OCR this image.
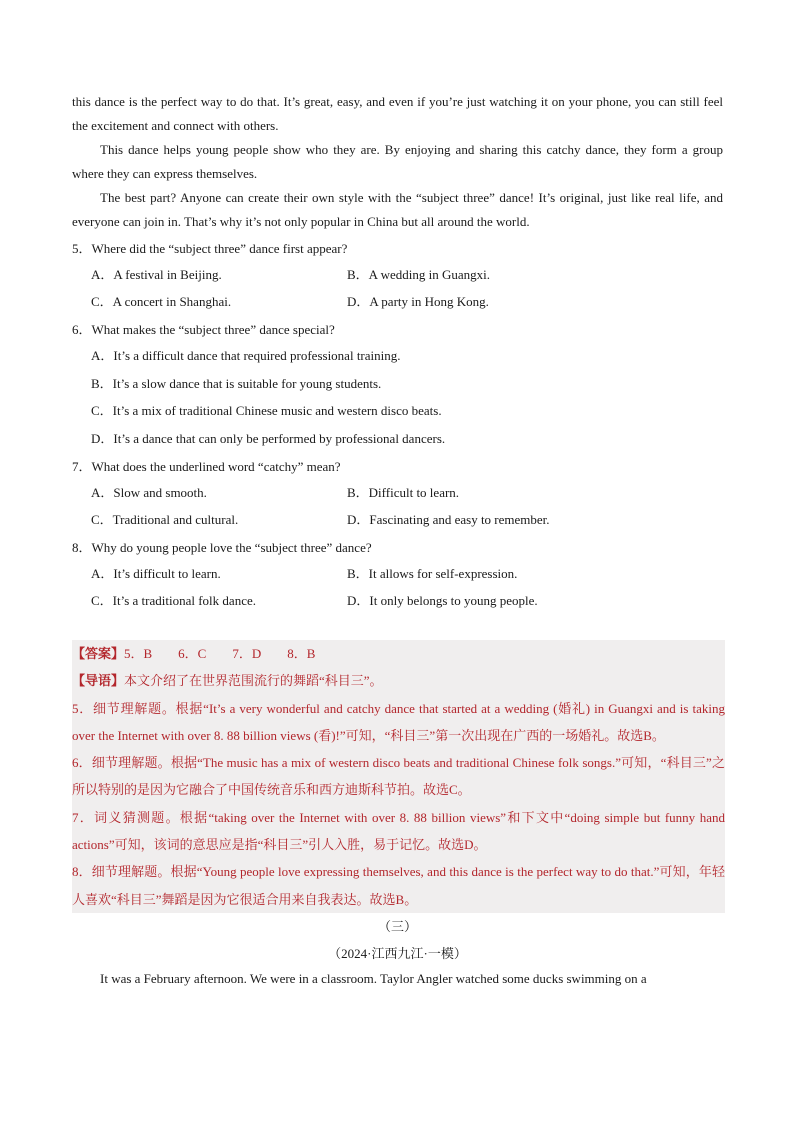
this dance is the perfect way to do that. It’s great, easy, and even if you’re just watching it on your phone, you can still feel the excitement and connect with others.

This dance helps young people show who they are. By enjoying and sharing this catchy dance, they form a group where they can express themselves.

The best part? Anyone can create their own style with the “subject three” dance! It’s original, just like real life, and everyone can join in. That’s why it’s not only popular in China but all around the world.

5．Where did the “subject three” dance first appear?

A．A festival in Beijing.	B．A wedding in Guangxi.
C．A concert in Shanghai.	D．A party in Hong Kong.

6．What makes the “subject three” dance special?

A．It’s a difficult dance that required professional training.
B．It’s a slow dance that is suitable for young students.
C．It’s a mix of traditional Chinese music and western disco beats.
D．It’s a dance that can only be performed by professional dancers.

7．What does the underlined word “catchy” mean?

A．Slow and smooth.	B．Difficult to learn.
C．Traditional and cultural.	D．Fascinating and easy to remember.

8．Why do young people love the “subject three” dance?

A．It’s difficult to learn.	B．It allows for self-expression.
C．It’s a traditional folk dance.	D．It only belongs to young people.

【答案】5．B　　6．C　　7．D　　8．B

【导语】本文介绍了在世界范围流行的舞蹈“科目三”。

5．细节理解题。根据“It’s a very wonderful and catchy dance that started at a wedding (婚礼) in Guangxi and is taking over the Internet with over 8. 88 billion views (看)!”可知，“科目三”第一次出现在广西的一场婚礼。故选B。

6．细节理解题。根据“The music has a mix of western disco beats and traditional Chinese folk songs.”可知，“科目三”之所以特别的是因为它融合了中国传统音乐和西方迪斯科节拍。故选C。

7．词义猜测题。根据“taking over the Internet with over 8. 88 billion views”和下文中“doing simple but funny hand actions”可知，该词的意思应是指“科目三”引人入胜，易于记忆。故选D。

8．细节理解题。根据“Young people love expressing themselves, and this dance is the perfect way to do that.”可知，年轻人喜欢“科目三”舞蹈是因为它很适合用来自我表达。故选B。

（三）

（2024·江西九江·一模）

It was a February afternoon. We were in a classroom. Taylor Angler watched some ducks swimming on a
